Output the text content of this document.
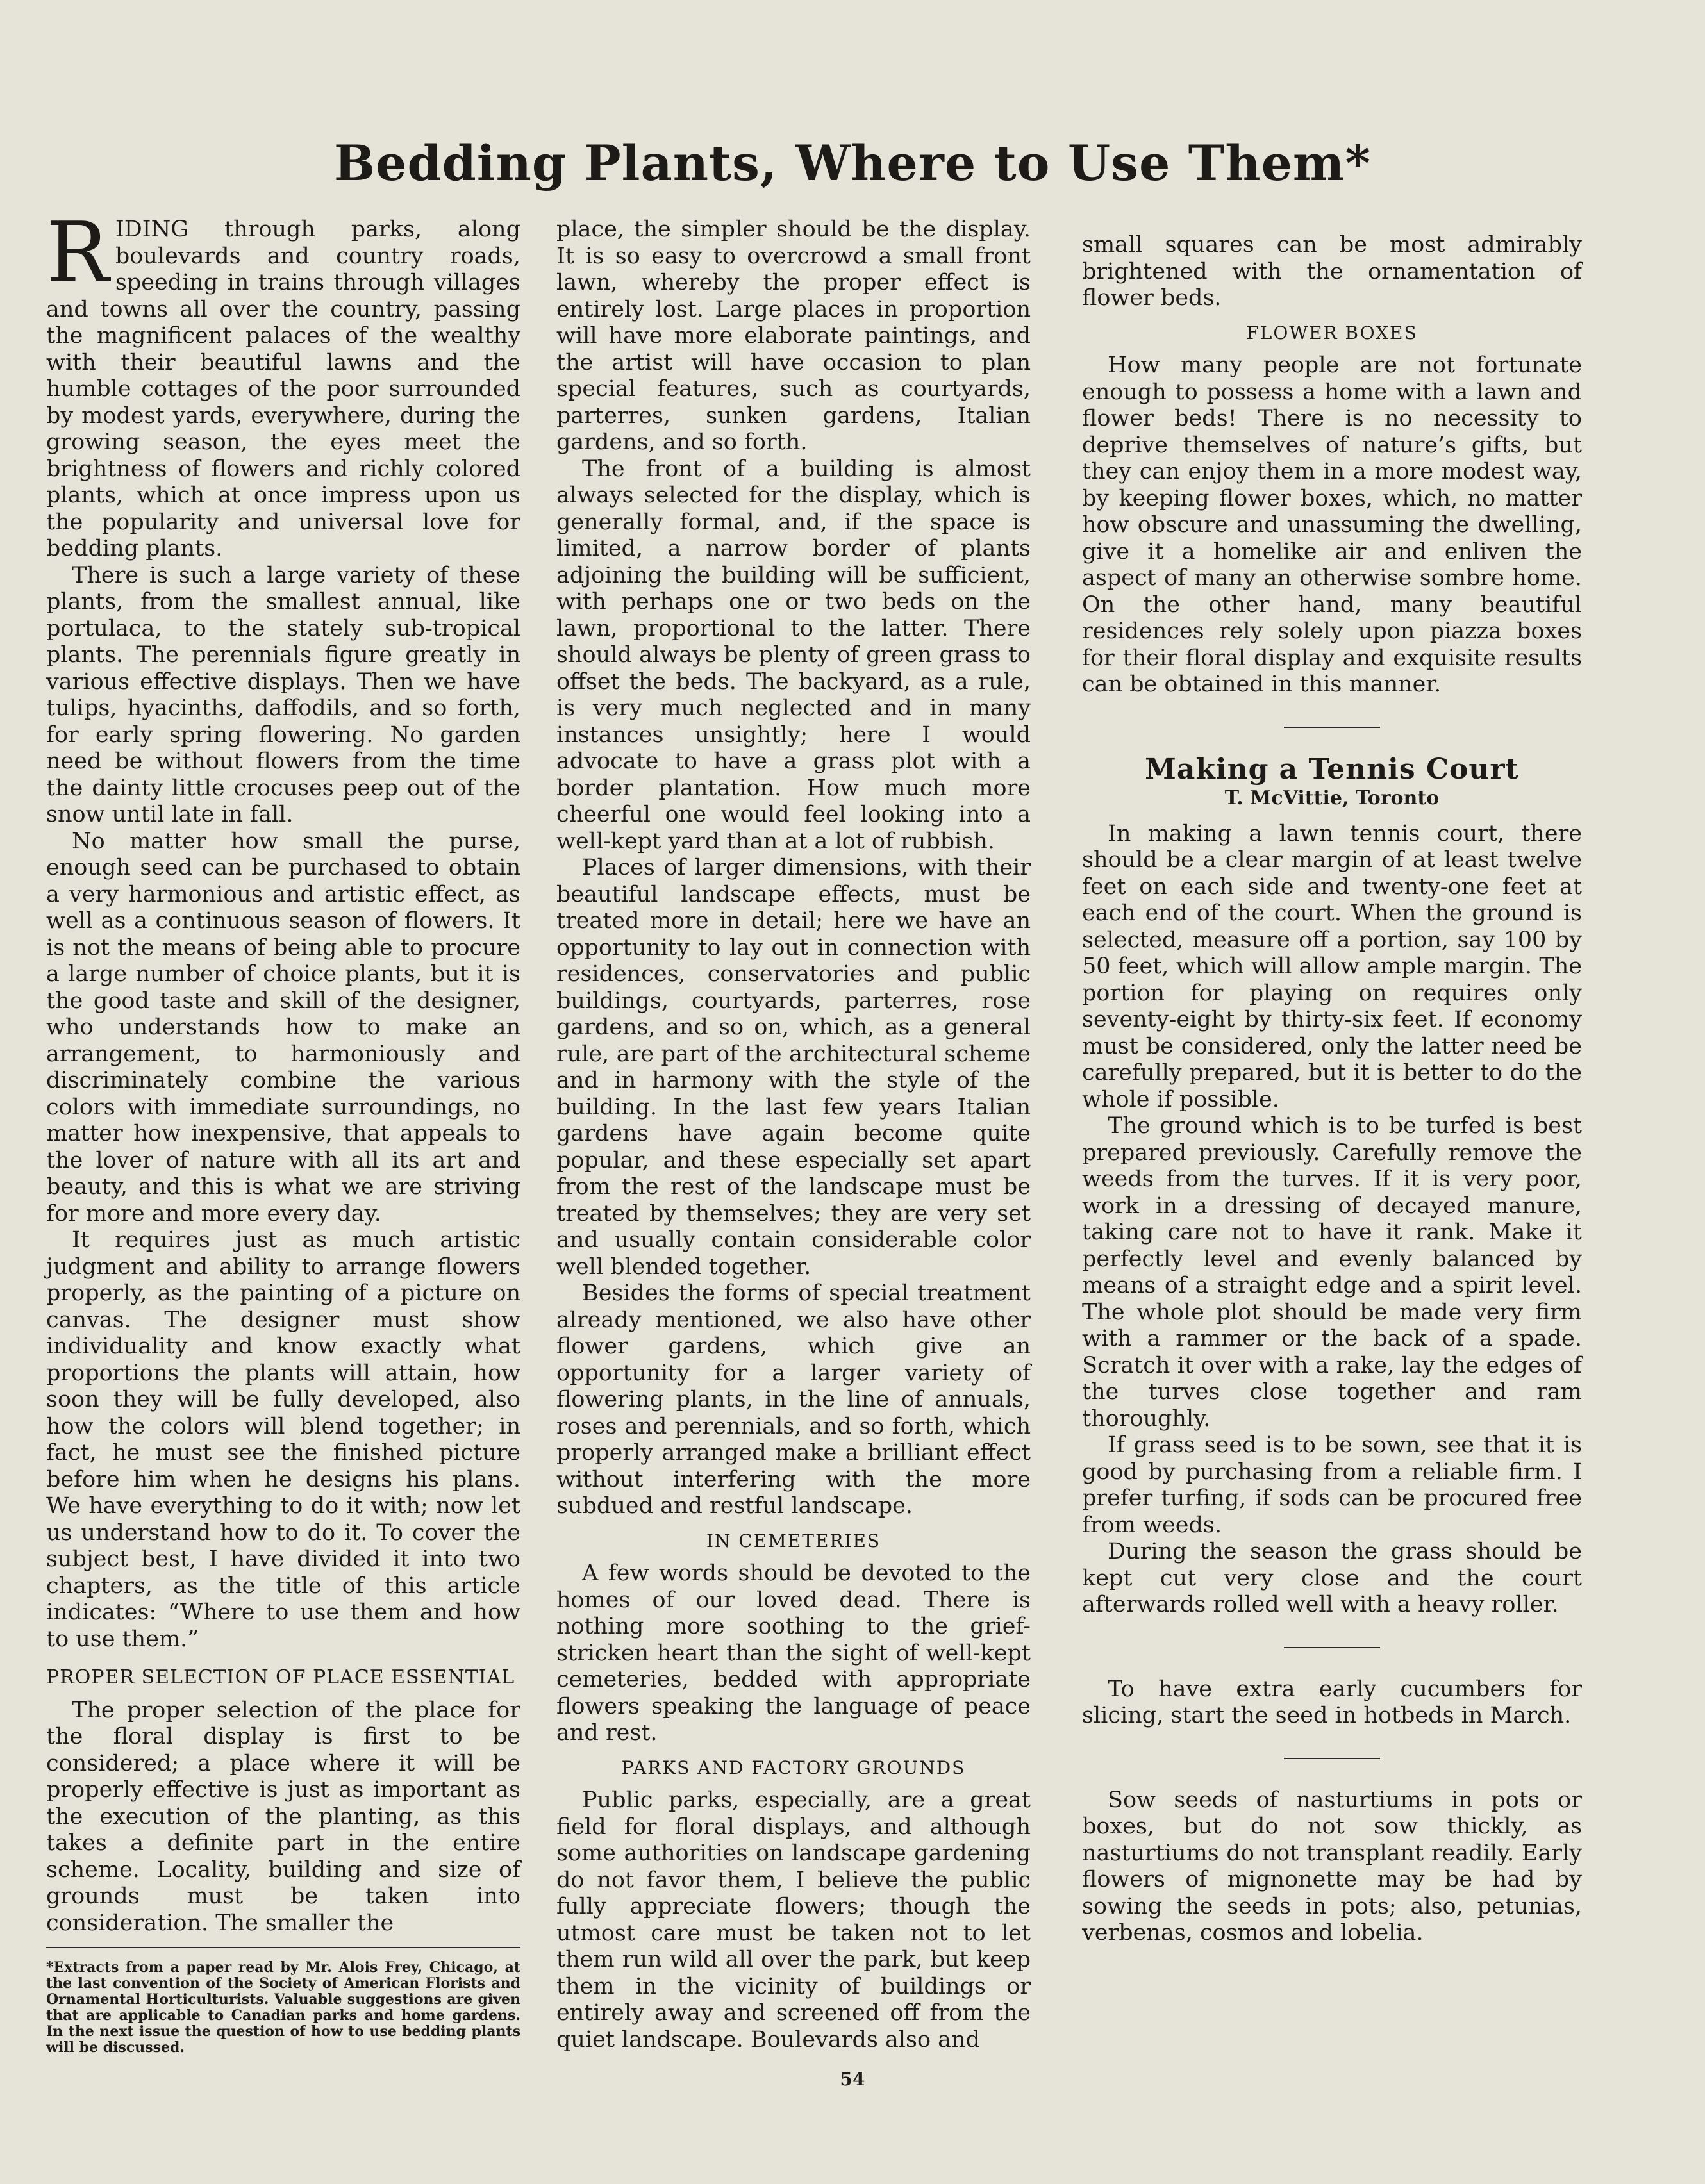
Bedding Plants, Where to Use Them*

RIDING through parks, along boulevards and country roads, speeding in trains through villages and towns all over the country, passing the magnificent palaces of the wealthy with their beautiful lawns and the humble cottages of the poor surrounded by modest yards, everywhere, during the growing season, the eyes meet the brightness of flowers and richly colored plants, which at once impress upon us the popularity and universal love for bedding plants.

There is such a large variety of these plants, from the smallest annual, like portulaca, to the stately sub-tropical plants. The perennials figure greatly in various effective displays. Then we have tulips, hyacinths, daffodils, and so forth, for early spring flowering. No garden need be without flowers from the time the dainty little crocuses peep out of the snow until late in fall.

No matter how small the purse, enough seed can be purchased to obtain a very harmonious and artistic effect, as well as a continuous season of flowers. It is not the means of being able to procure a large number of choice plants, but it is the good taste and skill of the designer, who understands how to make an arrangement, to harmoniously and discriminately combine the various colors with immediate surroundings, no matter how inexpensive, that appeals to the lover of nature with all its art and beauty, and this is what we are striving for more and more every day.

It requires just as much artistic judgment and ability to arrange flowers properly, as the painting of a picture on canvas. The designer must show individuality and know exactly what proportions the plants will attain, how soon they will be fully developed, also how the colors will blend together; in fact, he must see the finished picture before him when he designs his plans. We have everything to do it with; now let us understand how to do it. To cover the subject best, I have divided it into two chapters, as the title of this article indicates: “Where to use them and how to use them.”

PROPER SELECTION OF PLACE ESSENTIAL

The proper selection of the place for the floral display is first to be considered; a place where it will be properly effective is just as important as the execution of the planting, as this takes a definite part in the entire scheme. Locality, building and size of grounds must be taken into consideration. The smaller the

*Extracts from a paper read by Mr. Alois Frey, Chicago, at the last convention of the Society of American Florists and Ornamental Horticulturists. Valuable suggestions are given that are applicable to Canadian parks and home gardens. In the next issue the question of how to use bedding plants will be discussed.

place, the simpler should be the display. It is so easy to overcrowd a small front lawn, whereby the proper effect is entirely lost. Large places in proportion will have more elaborate paintings, and the artist will have occasion to plan special features, such as courtyards, parterres, sunken gardens, Italian gardens, and so forth.

The front of a building is almost always selected for the display, which is generally formal, and, if the space is limited, a narrow border of plants adjoining the building will be sufficient, with perhaps one or two beds on the lawn, proportional to the latter. There should always be plenty of green grass to offset the beds. The backyard, as a rule, is very much neglected and in many instances unsightly; here I would advocate to have a grass plot with a border plantation. How much more cheerful one would feel looking into a well-kept yard than at a lot of rubbish.

Places of larger dimensions, with their beautiful landscape effects, must be treated more in detail; here we have an opportunity to lay out in connection with residences, conservatories and public buildings, courtyards, parterres, rose gardens, and so on, which, as a general rule, are part of the architectural scheme and in harmony with the style of the building. In the last few years Italian gardens have again become quite popular, and these especially set apart from the rest of the landscape must be treated by themselves; they are very set and usually contain considerable color well blended together.

Besides the forms of special treatment already mentioned, we also have other flower gardens, which give an opportunity for a larger variety of flowering plants, in the line of annuals, roses and perennials, and so forth, which properly arranged make a brilliant effect without interfering with the more subdued and restful landscape.

IN CEMETERIES

A few words should be devoted to the homes of our loved dead. There is nothing more soothing to the grief-stricken heart than the sight of well-kept cemeteries, bedded with appropriate flowers speaking the language of peace and rest.

PARKS AND FACTORY GROUNDS

Public parks, especially, are a great field for floral displays, and although some authorities on landscape gardening do not favor them, I believe the public fully appreciate flowers; though the utmost care must be taken not to let them run wild all over the park, but keep them in the vicinity of buildings or entirely away and screened off from the quiet landscape. Boulevards also and

small squares can be most admirably brightened with the ornamentation of flower beds.

FLOWER BOXES

How many people are not fortunate enough to possess a home with a lawn and flower beds! There is no necessity to deprive themselves of nature’s gifts, but they can enjoy them in a more modest way, by keeping flower boxes, which, no matter how obscure and unassuming the dwelling, give it a homelike air and enliven the aspect of many an otherwise sombre home. On the other hand, many beautiful residences rely solely upon piazza boxes for their floral display and exquisite results can be obtained in this manner.

Making a Tennis Court
T. McVittie, Toronto

In making a lawn tennis court, there should be a clear margin of at least twelve feet on each side and twenty-one feet at each end of the court. When the ground is selected, measure off a portion, say 100 by 50 feet, which will allow ample margin. The portion for playing on requires only seventy-eight by thirty-six feet. If economy must be considered, only the latter need be carefully prepared, but it is better to do the whole if possible.

The ground which is to be turfed is best prepared previously. Carefully remove the weeds from the turves. If it is very poor, work in a dressing of decayed manure, taking care not to have it rank. Make it perfectly level and evenly balanced by means of a straight edge and a spirit level. The whole plot should be made very firm with a rammer or the back of a spade. Scratch it over with a rake, lay the edges of the turves close together and ram thoroughly.

If grass seed is to be sown, see that it is good by purchasing from a reliable firm. I prefer turfing, if sods can be procured free from weeds.

During the season the grass should be kept cut very close and the court afterwards rolled well with a heavy roller.

To have extra early cucumbers for slicing, start the seed in hotbeds in March.

Sow seeds of nasturtiums in pots or boxes, but do not sow thickly, as nasturtiums do not transplant readily. Early flowers of mignonette may be had by sowing the seeds in pots; also, petunias, verbenas, cosmos and lobelia.

54
